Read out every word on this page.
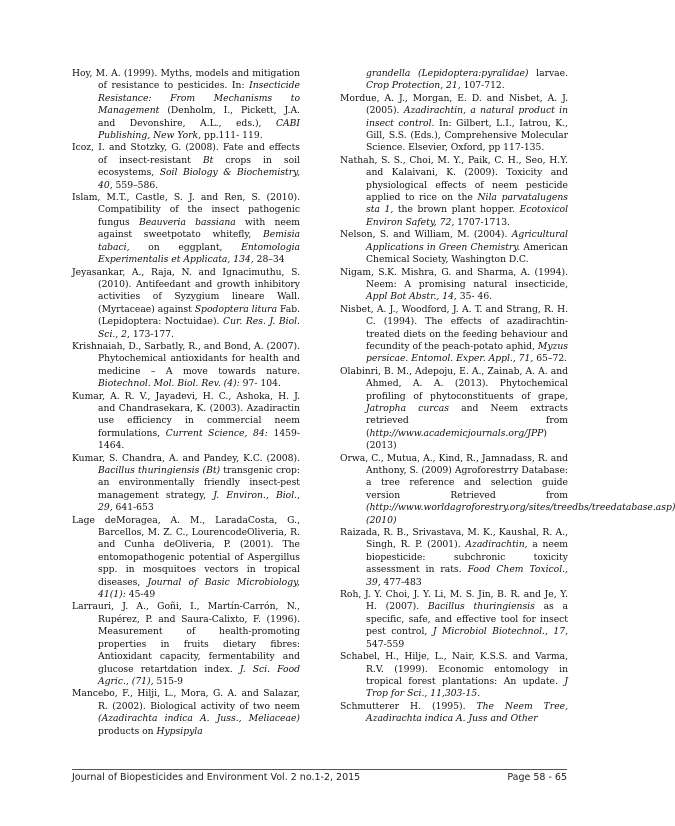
Hoy, M. A. (1999). Myths, models and mitigation of resistance to pesticides. In: Insecticide Resistance: From Mechanisms to Management (Denholm, I., Pickett, J.A. and Devonshire, A.L., eds.), CABI Publishing, New York, pp.111- 119.

Icoz, I. and Stotzky, G. (2008). Fate and effects of insect-resistant Bt crops in soil ecosystems, Soil Biology & Biochemistry, 40, 559–586.

Islam, M.T., Castle, S. J. and Ren, S. (2010). Compatibility of the insect pathogenic fungus Beauveria bassiana with neem against sweetpotato whitefly, Bemisia tabaci, on eggplant, Entomologia Experimentalis et Applicata, 134, 28–34

Jeyasankar, A., Raja, N. and Ignacimuthu, S. (2010). Antifeedant and growth inhibitory activities of Syzygium lineare Wall. (Myrtaceae) against Spodoptera litura Fab. (Lepidoptera: Noctuidae). Cur. Res. J. Biol. Sci., 2, 173-177.

Krishnaiah, D., Sarbatly, R., and Bond, A. (2007). Phytochemical antioxidants for health and medicine – A move towards nature. Biotechnol. Mol. Biol. Rev. (4): 97- 104.

Kumar, A. R. V., Jayadevi, H. C., Ashoka, H. J. and Chandrasekara, K. (2003). Azadiractin use efficiency in commercial neem formulations, Current Science, 84: 1459-1464.

Kumar, S. Chandra, A. and Pandey, K.C. (2008). Bacillus thuringiensis (Bt) transgenic crop: an environmentally friendly insect-pest management strategy, J. Environ., Biol., 29, 641-653

Lage deMoragea, A. M., LaradaCosta, G., Barcellos, M. Z. C., LourencodeOliveria, R. and Cunha deOliveria, P. (2001). The entomopathogenic potential of Aspergillus spp. in mosquitoes vectors in tropical diseases, Journal of Basic Microbiology, 41(1): 45-49

Larrauri, J. A., Goñi, I., Martín-Carrón, N., Rupérez, P. and Saura-Calixto, F. (1996). Measurement of health-promoting properties in fruits dietary fibres: Antioxidant capacity, fermentability and glucose retartdation index. J. Sci. Food Agric., (71), 515-9

Mancebo, F., Hilji, L., Mora, G. A. and Salazar, R. (2002). Biological activity of two neem (Azadirachta indica A. Juss., Meliaceae) products on Hypsipyla

grandella (Lepidoptera:pyralidae) larvae. Crop Protection, 21, 107-712.

Mordue, A. J., Morgan, E. D. and Nisbet, A. J. (2005). Azadirachtin, a natural product in insect control. In: Gilbert, L.I., Iatrou, K., Gill, S.S. (Eds.), Comprehensive Molecular Science. Elsevier, Oxford, pp 117-135.

Nathah, S. S., Choi, M. Y., Paik, C. H., Seo, H.Y. and Kalaivani, K. (2009). Toxicity and physiological effects of neem pesticide applied to rice on the Nila parvatalugens sta 1, the brown plant hopper. Ecotoxicol Environ Safety, 72, 1707-1713.

Nelson, S. and William, M. (2004). Agricultural Applications in Green Chemistry. American Chemical Society, Washington D.C.

Nigam, S.K. Mishra, G. and Sharma, A. (1994). Neem: A promising natural insecticide, Appl Bot Abstr., 14, 35- 46.

Nisbet, A. J., Woodford, J. A. T. and Strang, R. H. C. (1994). The effects of azadirachtin-treated diets on the feeding behaviour and fecundity of the peach-potato aphid, Myzus persicae. Entomol. Exper. Appl., 71, 65–72.

Olabinri, B. M., Adepoju, E. A., Zainab, A. A. and Ahmed, A. A. (2013). Phytochemical profiling of phytoconstituents of grape, Jatropha curcas and Neem extracts retrieved from (http://www.academicjournals.org/JPP) (2013)

Orwa, C., Mutua, A., Kind, R., Jamnadass, R. and Anthony, S. (2009) Agroforestrry Database: a tree reference and selection guide version Retrieved from (http://www.worldagroforestry.org/sites/treedbs/treedatabase.asp) (2010)

Raizada, R. B., Srivastava, M. K., Kaushal, R. A., Singh, R. P. (2001). Azadirachtin, a neem biopesticide: subchronic toxicity assessment in rats. Food Chem Toxicol., 39, 477-483

Roh, J. Y. Choi, J. Y. Li, M. S. Jin, B. R. and Je, Y. H. (2007). Bacillus thuringiensis as a specific, safe, and effective tool for insect pest control, J Microbiol Biotechnol., 17, 547-559

Schabel, H., Hilje, L., Nair, K.S.S. and Varma, R.V. (1999). Economic entomology in tropical forest plantations: An update. J Trop for Sci., 11,303-15.

Schmutterer H. (1995). The Neem Tree, Azadirachta indica A. Juss and Other

Journal of Biopesticides and Environment Vol. 2 no.1-2, 2015	Page 58 - 65
